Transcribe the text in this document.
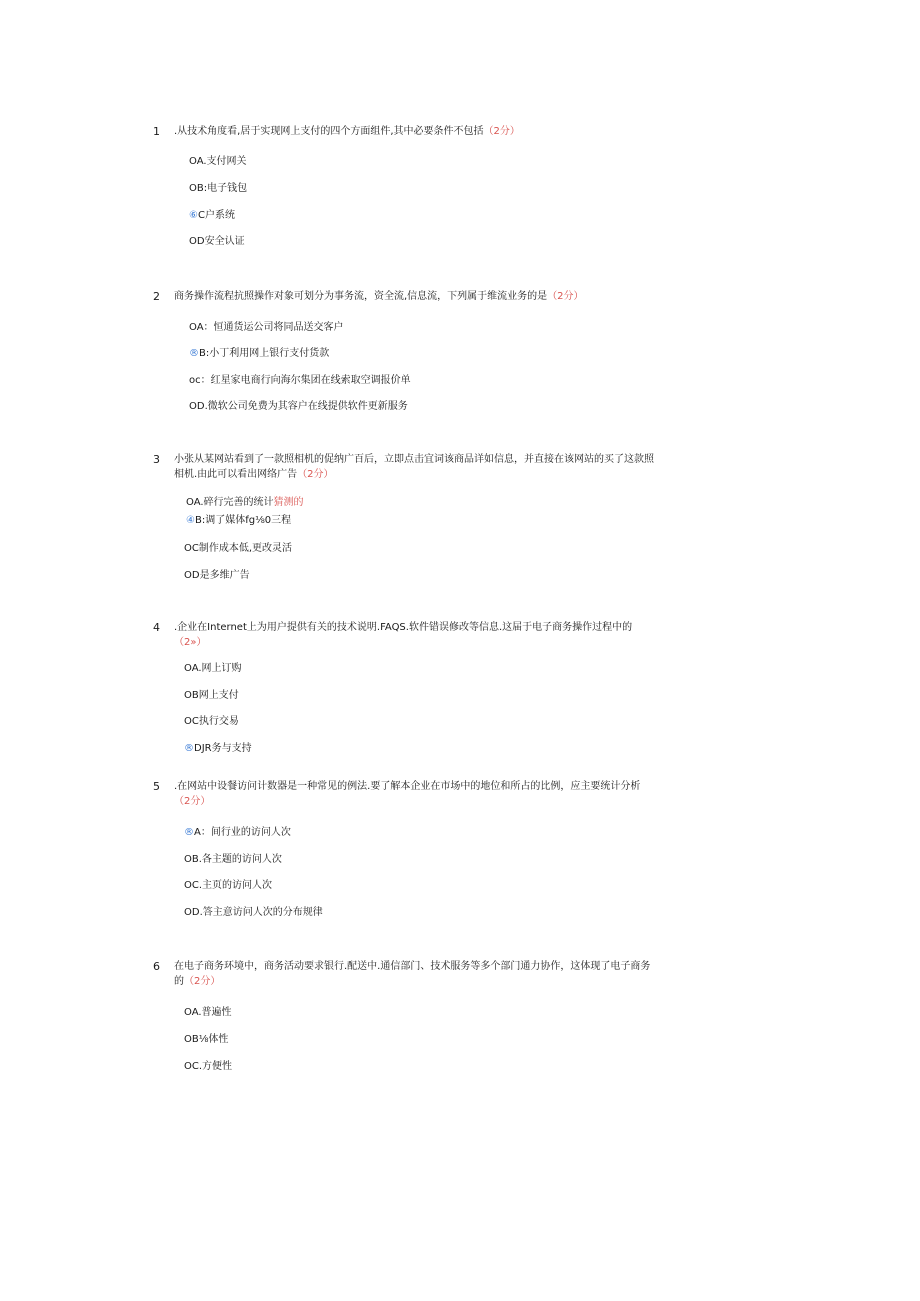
1 .从技术角度看,居于实现网上支付的四个方面组件,其中必要条件不包括（2分）
OA.支付网关
OB:电子钱包
⑥C户系统
OD安全认证
2 商务操作流程抗照操作对象可划分为事务流，资全流,信息流，下列属于维流业务的是（2分）
OA：恒通货运公司将同品送交客户
®B:小丁利用网上银行支付货款
oc：红星家电商行向海尔集团在线索取空调报价单
OD.微软公司免费为其容户在线提供软件更新服务
3 小张从某网站看到了一款照相机的促纳广百后，立即点击宜词该商品详如信息，并直接在该网站的买了这款照相机.由此可以看出网络广告（2分）
OA.碎行完善的统计猜测的
④B:调了媒体fg⅛0三程
OC制作成本低,更改灵活
OD是多维广告
4 .企业在Internet上为用户提供有关的技术说明.FAQS.软件错误修改等信息.这届于电子商务操作过程中的（2»）
OA.网上订购
OB网上支付
OC执行交易
®DJR务与支持
5 .在网站中设餐访问计数器是一种常见的例法.要了解本企业在市场中的地位和所占的比例，应主要统计分析（2分）
®A：间行业的访问人次
OB.各主题的访问人次
OC.主页的访问人次
OD.答主意访问人次的分布规律
6 在电子商务环境中，商务活动要求银行.配送中.通信部门、技术服务等多个部门通力协作，这体现了电子商务的（2分）
OA.普遍性
OB⅛体性
OC.方便性
